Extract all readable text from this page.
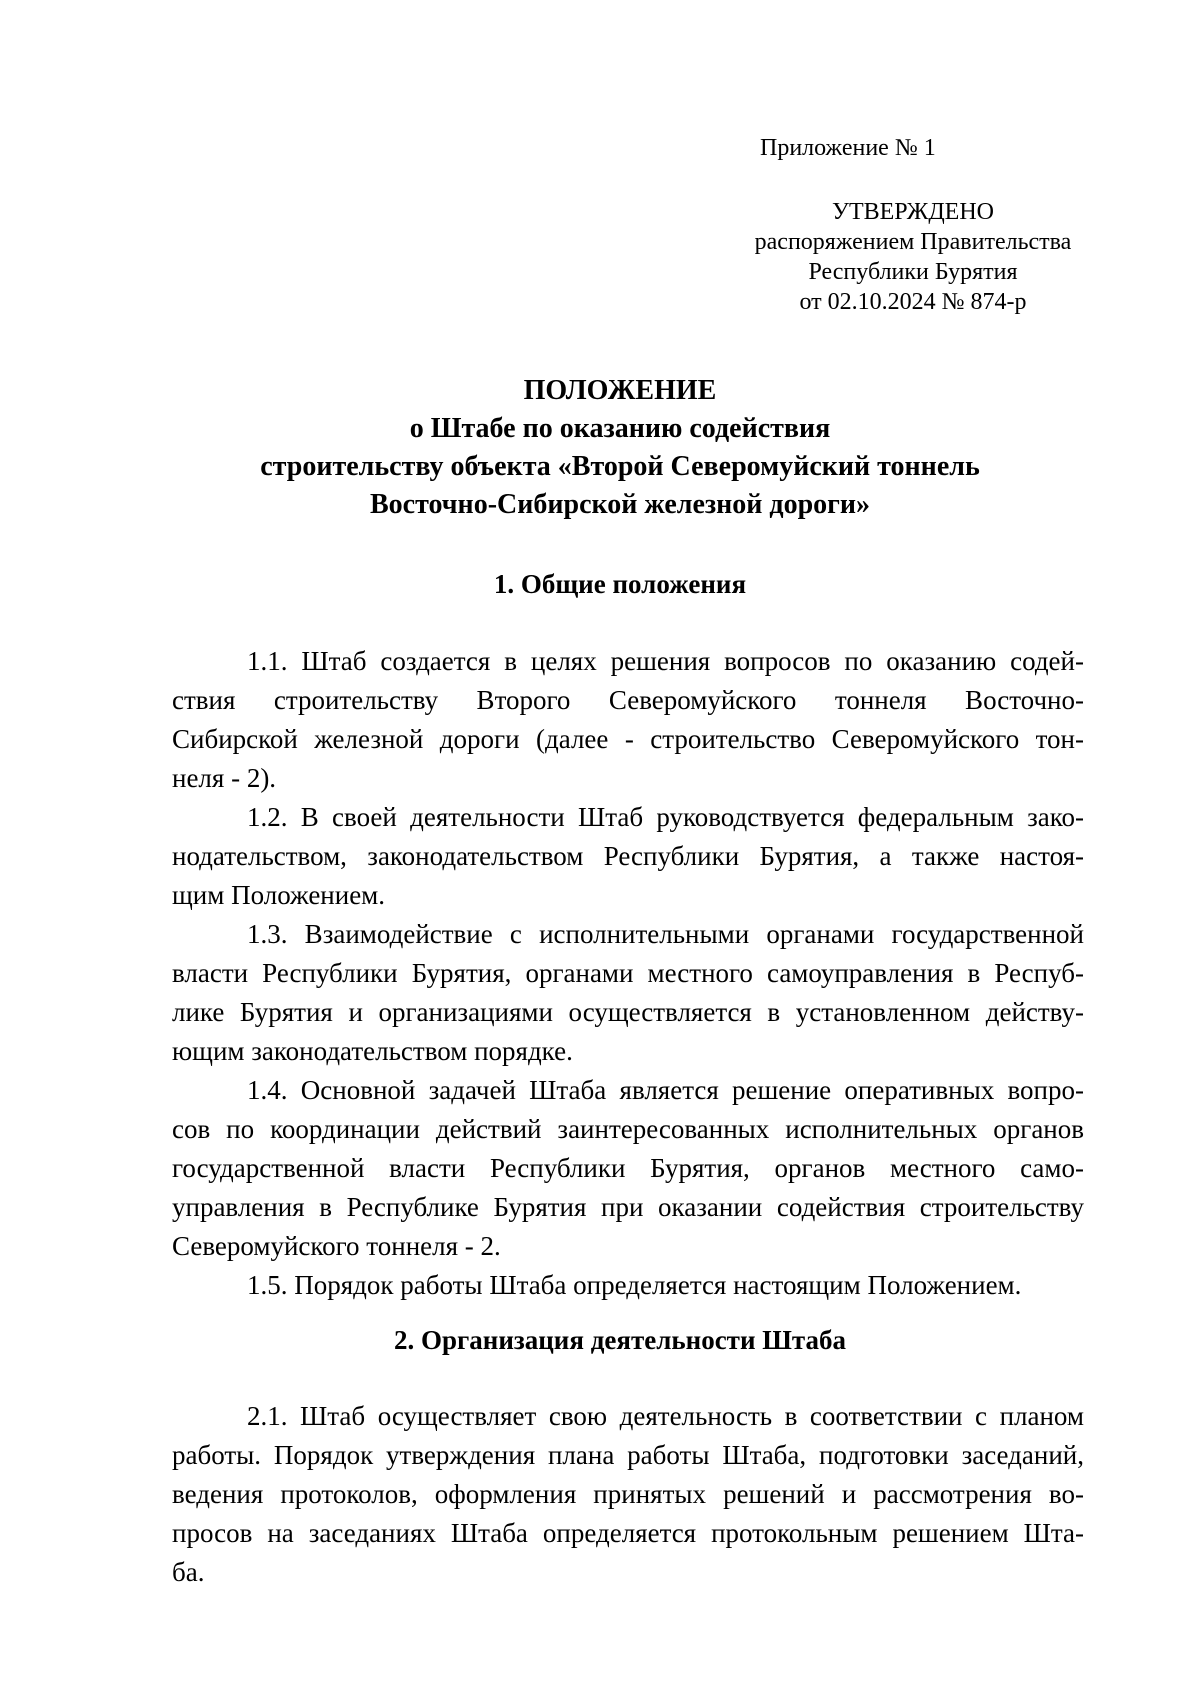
Приложение № 1
УТВЕРЖДЕНО
распоряжением Правительства
Республики Бурятия
от 02.10.2024 № 874-р
ПОЛОЖЕНИЕ
о Штабе по оказанию содействия
строительству объекта «Второй Северомуйский тоннель
Восточно-Сибирской железной дороги»
1. Общие положения
1.1. Штаб создается в целях решения вопросов по оказанию содей-
ствия строительству Второго Северомуйского тоннеля Восточно-
Сибирской железной дороги (далее - строительство Северомуйского тон-
неля - 2).
1.2. В своей деятельности Штаб руководствуется федеральным зако-
нодательством, законодательством Республики Бурятия, а также настоя-
щим Положением.
1.3. Взаимодействие с исполнительными органами государственной
власти Республики Бурятия, органами местного самоуправления в Респуб-
лике Бурятия и организациями осуществляется в установленном действу-
ющим законодательством порядке.
1.4. Основной задачей Штаба является решение оперативных вопро-
сов по координации действий заинтересованных исполнительных органов
государственной власти Республики Бурятия, органов местного само-
управления в Республике Бурятия при оказании содействия строительству
Северомуйского тоннеля - 2.
1.5. Порядок работы Штаба определяется настоящим Положением.
2. Организация деятельности Штаба
2.1. Штаб осуществляет свою деятельность в соответствии с планом
работы. Порядок утверждения плана работы Штаба, подготовки заседаний,
ведения протоколов, оформления принятых решений и рассмотрения во-
просов на заседаниях Штаба определяется протокольным решением Шта-
ба.
